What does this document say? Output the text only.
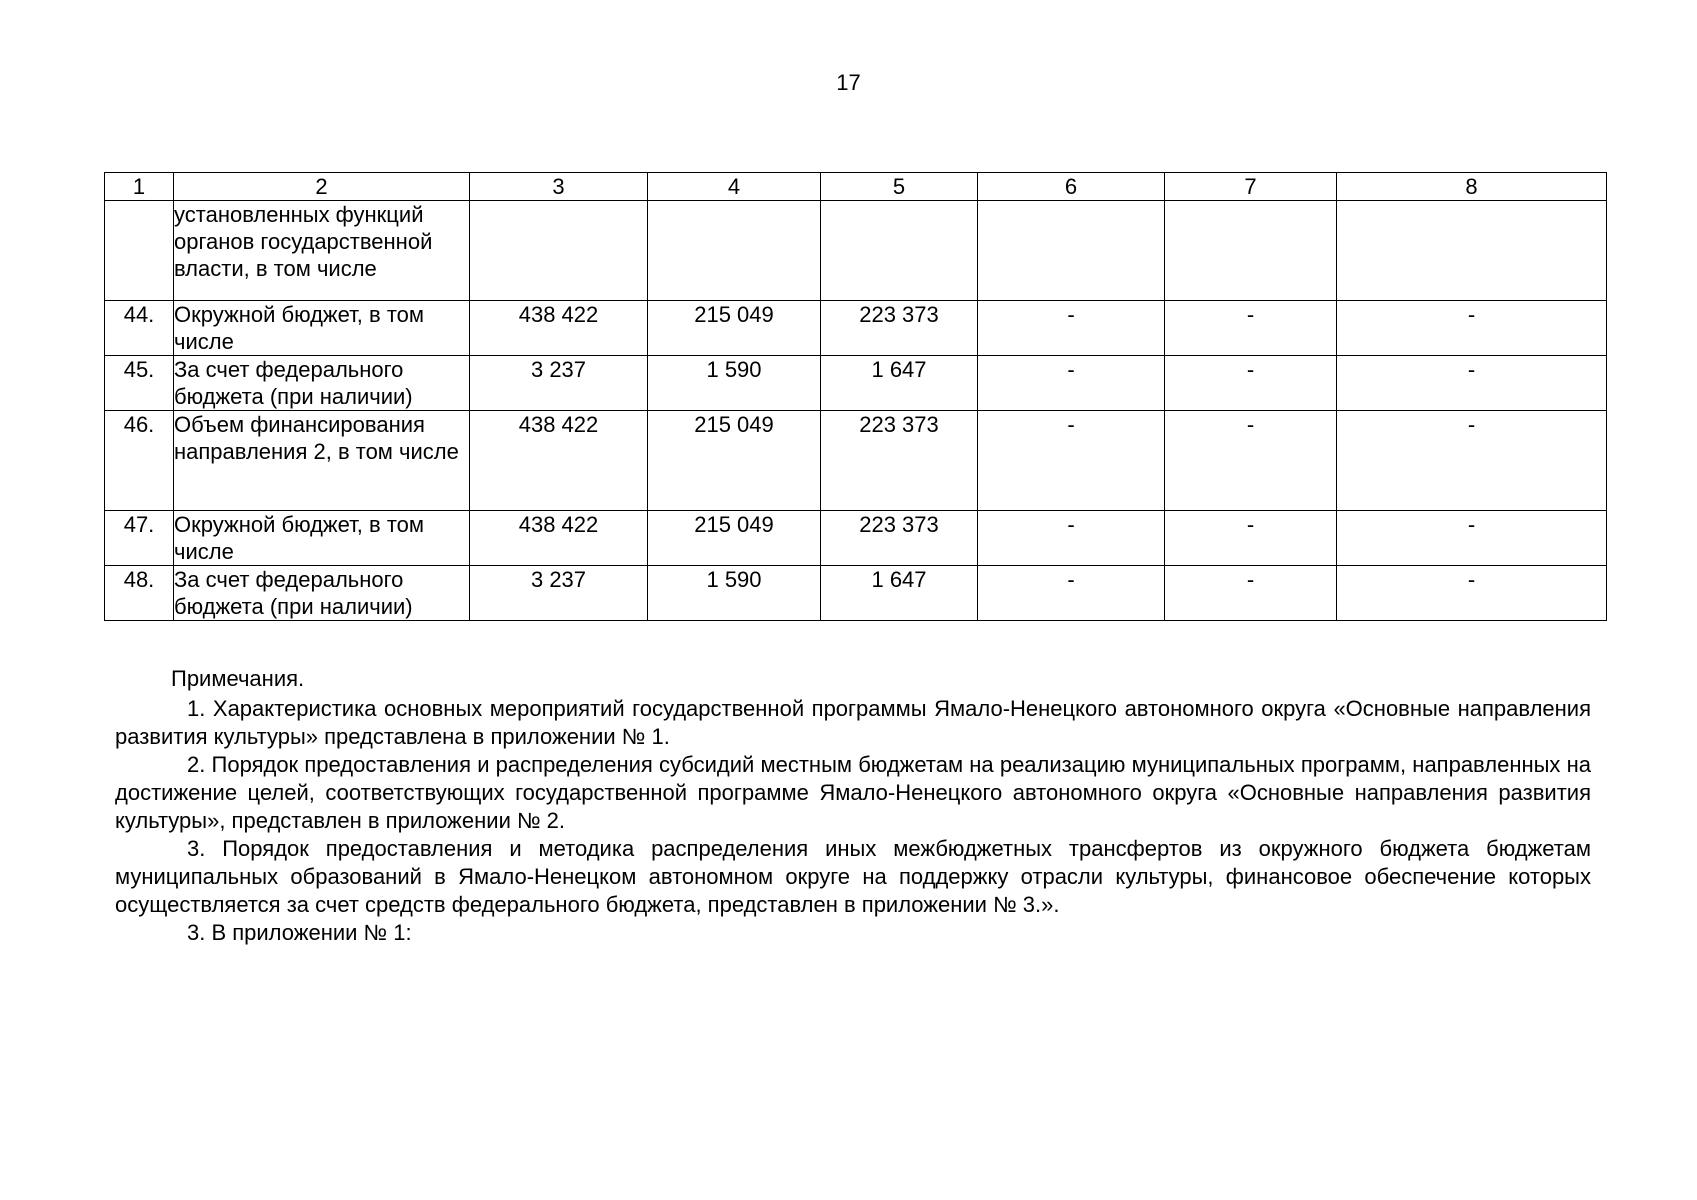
17
1	2	3	4	5	6	7	8
	установленных функций органов государственной власти, в том числе						
44.	Окружной бюджет, в том числе	438 422	215 049	223 373	-	-	-
45.	За счет федерального бюджета (при наличии)	3 237	1 590	1 647	-	-	-
46.	Объем финансирования направления 2, в том числе	438 422	215 049	223 373	-	-	-
47.	Окружной бюджет, в том числе	438 422	215 049	223 373	-	-	-
48.	За счет федерального бюджета (при наличии)	3 237	1 590	1 647	-	-	-

Примечания.

1. Характеристика основных мероприятий государственной программы Ямало-Ненецкого автономного округа «Основные направления развития культуры» представлена в приложении № 1.

2. Порядок предоставления и распределения субсидий местным бюджетам на реализацию муниципальных программ, направленных на достижение целей, соответствующих государственной программе Ямало-Ненецкого автономного округа «Основные направления развития культуры», представлен в приложении № 2.

3. Порядок предоставления и методика распределения иных межбюджетных трансфертов из окружного бюджета бюджетам муниципальных образований в Ямало-Ненецком автономном округе на поддержку отрасли культуры, финансовое обеспечение которых осуществляется за счет средств федерального бюджета, представлен в приложении № 3.».

3. В приложении № 1:
